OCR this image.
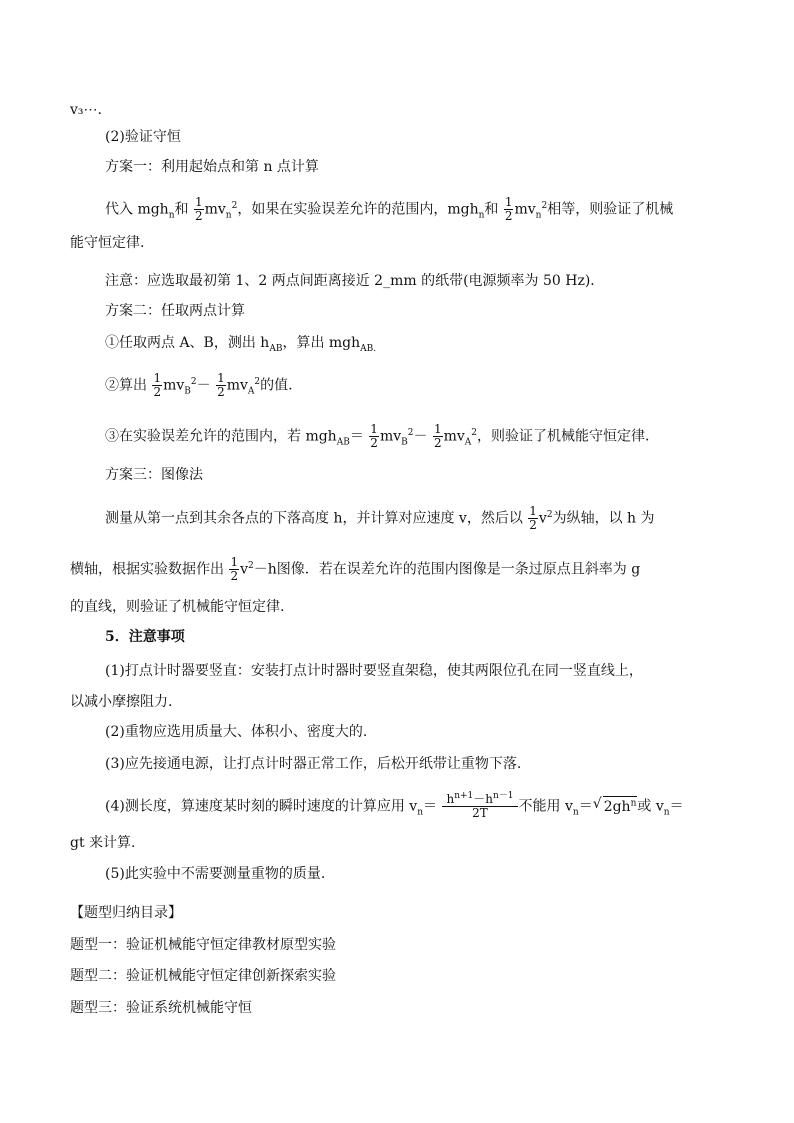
v₃⋯.
(2)验证守恒
方案一：利用起始点和第 n 点计算
代入 mgh$_n$和 $\frac{1}{2} mv_n^2$，如果在实验误差允许的范围内，mgh$_n$和 $\frac{1}{2} mv_n^2$相等，则验证了机械
能守恒定律.
注意：应选取最初第 1、2 两点间距离接近 2_mm 的纸带(电源频率为 50 Hz)．
方案二：任取两点计算
①任取两点 A、B，测出 $h_{AB}$，算出 mgh$_{AB.}$
②算出 $\frac{1}{2} mv_B^2- \frac{1}{2} mv_A^2$的值.
③在实验误差允许的范围内，若 $mgh_{AB}= \frac{1}{2} mv_B^2- \frac{1}{2} mv_A^2$，则验证了机械能守恒定律.
方案三：图像法
测量从第一点到其余各点的下落高度 h，并计算对应速度 v，然后以 $\frac{1}{2} v^2$为纵轴，以 h 为
横轴，根据实验数据作出 $\frac{1}{2} v^2-h$图像．若在误差允许的范围内图像是一条过原点且斜率为 g
的直线，则验证了机械能守恒定律.
5．注意事项
(1)打点计时器要竖直：安装打点计时器时要竖直架稳，使其两限位孔在同一竖直线上，
以减小摩擦阻力.
(2)重物应选用质量大、体积小、密度大的.
(3)应先接通电源，让打点计时器正常工作，后松开纸带让重物下落.
(4)测长度，算速度某时刻的瞬时速度的计算应用 $v_n= \frac{h^{n+1}-h^{n-1}}{2T}$ 不能用 $v_n=√$ $2gh^n$或 $v_n=$
gt 来计算.
(5)此实验中不需要测量重物的质量.
【题型归纳目录】
题型一：验证机械能守恒定律教材原型实验
题型二：验证机械能守恒定律创新探索实验
题型三：验证系统机械能守恒
